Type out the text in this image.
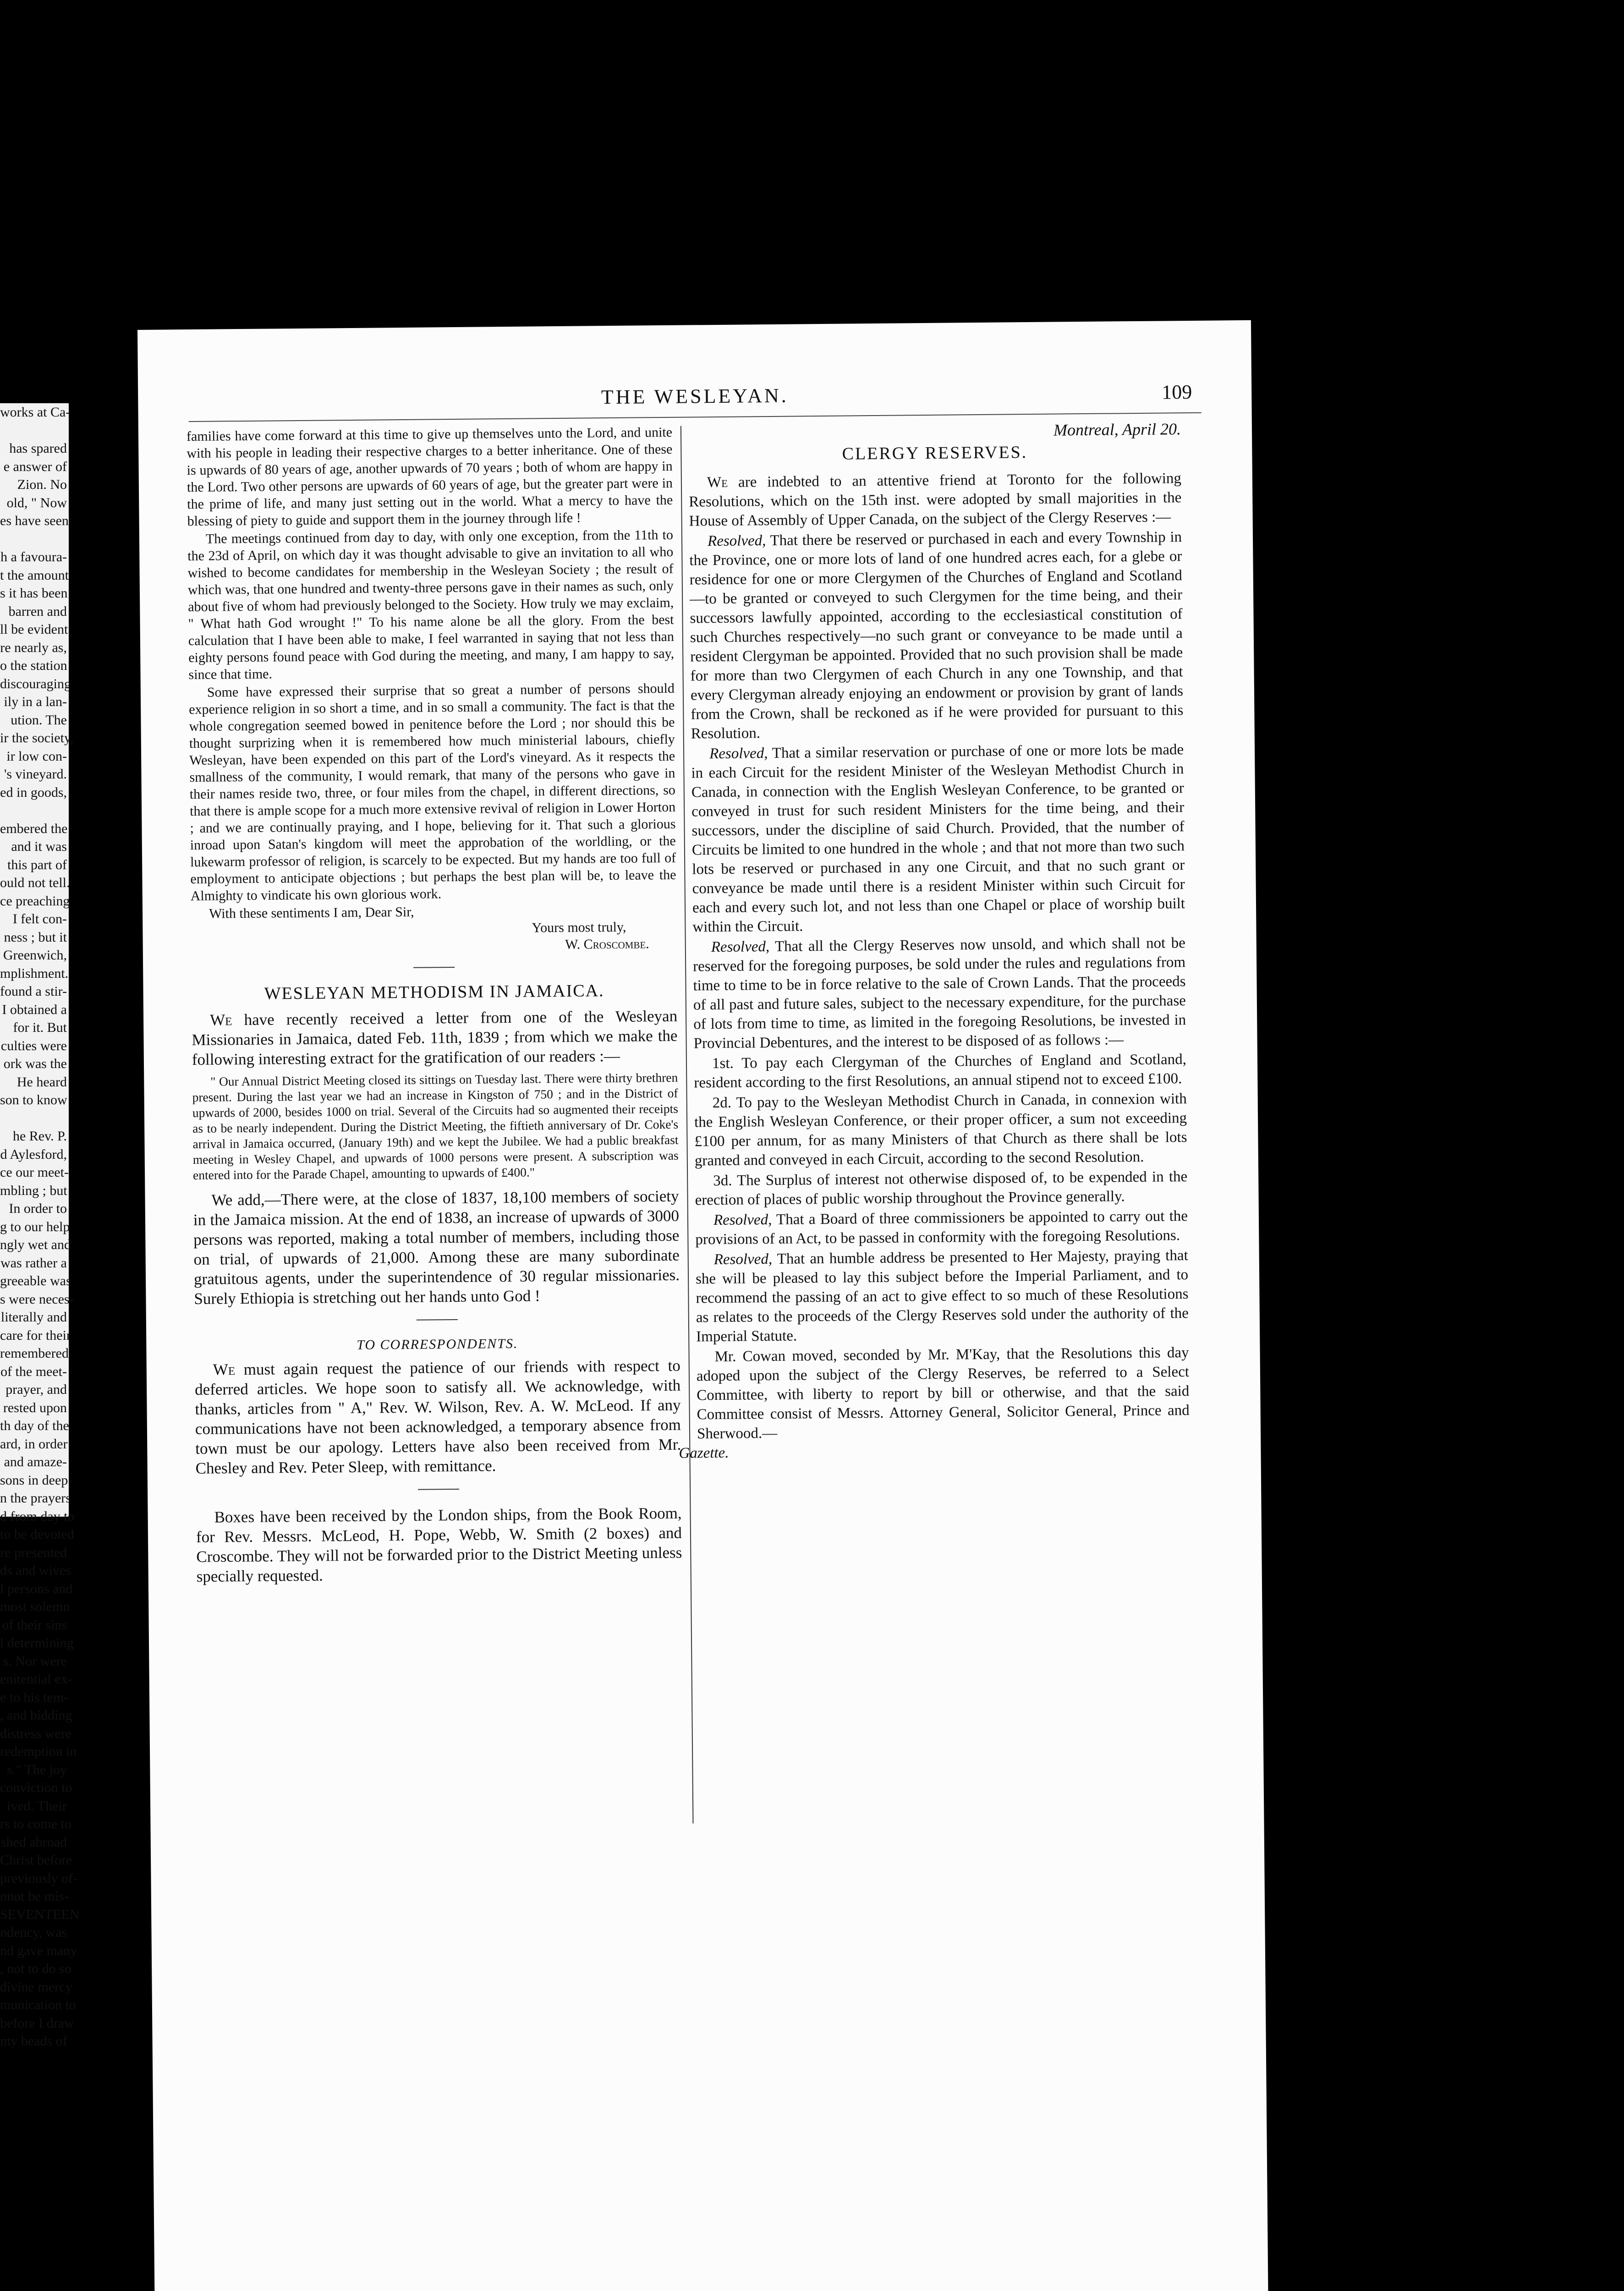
works at Ca-

has spared
e answer of
Zion. No
old, " Now
es have seen

h a favoura-
t the amount
s it has been
barren and
ll be evident
re nearly as,
o the station
discouraging
ily in a lan-
ution. The
ir the society,
ir low con-
's vineyard.
ed in goods,

embered the
and it was
this part of
ould not tell.
ce preaching
I felt con-
ness ; but it
Greenwich,
mplishment.
found a stir-
I obtained a
for it. But
culties were
ork was the
He heard
son to know

he Rev. P.
d Aylesford,
ce our meet-
mbling ; but
In order to
g to our help
ngly wet and
was rather a
greeable was
s were neces-
literally and
care for their
remembered
of the meet-
prayer, and
rested upon
th day of the
ard, in order
and amaze-
sons in deep
n the prayers
d from day to
to be devoted
re presented
ds and wives
l persons and
most solemn
of their sins
l determining
s. Nor were
enitential ex-
e to his tem-
, and bidding
distress were
redemption in
s." The joy
conviction to
ived. Their
rs to come to
shed abroad
Christ before
previously of-
nnot be mis-
SEVENTEEN
ndency, was
nd gave many
, not to do so
divine mercy
munication to
before I draw
nty beads of
THE WESLEYAN.	109

families have come forward at this time to give up themselves unto the Lord, and unite with his people in leading their respective charges to a better inheritance. One of these is upwards of 80 years of age, another upwards of 70 years ; both of whom are happy in the Lord. Two other persons are upwards of 60 years of age, but the greater part were in the prime of life, and many just setting out in the world. What a mercy to have the blessing of piety to guide and support them in the journey through life !

The meetings continued from day to day, with only one exception, from the 11th to the 23d of April, on which day it was thought advisable to give an invitation to all who wished to become candidates for membership in the Wesleyan Society ; the result of which was, that one hundred and twenty-three persons gave in their names as such, only about five of whom had previously belonged to the Society. How truly we may exclaim, " What hath God wrought !" To his name alone be all the glory. From the best calculation that I have been able to make, I feel warranted in saying that not less than eighty persons found peace with God during the meeting, and many, I am happy to say, since that time.

Some have expressed their surprise that so great a number of persons should experience religion in so short a time, and in so small a community. The fact is that the whole congregation seemed bowed in penitence before the Lord ; nor should this be thought surprizing when it is remembered how much ministerial labours, chiefly Wesleyan, have been expended on this part of the Lord's vineyard. As it respects the smallness of the community, I would remark, that many of the persons who gave in their names reside two, three, or four miles from the chapel, in different directions, so that there is ample scope for a much more extensive revival of religion in Lower Horton ; and we are continually praying, and I hope, believing for it. That such a glorious inroad upon Satan's kingdom will meet the approbation of the worldling, or the lukewarm professor of religion, is scarcely to be expected. But my hands are too full of employment to anticipate objections ; but perhaps the best plan will be, to leave the Almighty to vindicate his own glorious work.

With these sentiments I am, Dear Sir,

Yours most truly,

W. Croscombe.

WESLEYAN METHODISM IN JAMAICA.

We have recently received a letter from one of the Wesleyan Missionaries in Jamaica, dated Feb. 11th, 1839 ; from which we make the following interesting extract for the gratification of our readers :—

" Our Annual District Meeting closed its sittings on Tuesday last. There were thirty brethren present. During the last year we had an increase in Kingston of 750 ; and in the District of upwards of 2000, besides 1000 on trial. Several of the Circuits had so augmented their receipts as to be nearly independent. During the District Meeting, the fiftieth anniversary of Dr. Coke's arrival in Jamaica occurred, (January 19th) and we kept the Jubilee. We had a public breakfast meeting in Wesley Chapel, and upwards of 1000 persons were present. A subscription was entered into for the Parade Chapel, amounting to upwards of £400."

We add,—There were, at the close of 1837, 18,100 members of society in the Jamaica mission. At the end of 1838, an increase of upwards of 3000 persons was reported, making a total number of members, including those on trial, of upwards of 21,000. Among these are many subordinate gratuitous agents, under the superintendence of 30 regular missionaries. Surely Ethiopia is stretching out her hands unto God !

TO CORRESPONDENTS.

We must again request the patience of our friends with respect to deferred articles. We hope soon to satisfy all. We acknowledge, with thanks, articles from " A," Rev. W. Wilson, Rev. A. W. McLeod. If any communications have not been acknowledged, a temporary absence from town must be our apology. Letters have also been received from Mr. Chesley and Rev. Peter Sleep, with remittance.

Boxes have been received by the London ships, from the Book Room, for Rev. Messrs. McLeod, H. Pope, Webb, W. Smith (2 boxes) and Croscombe. They will not be forwarded prior to the District Meeting unless specially requested.

Montreal, April 20.

CLERGY RESERVES.

We are indebted to an attentive friend at Toronto for the following Resolutions, which on the 15th inst. were adopted by small majorities in the House of Assembly of Upper Canada, on the subject of the Clergy Reserves :—

Resolved, That there be reserved or purchased in each and every Township in the Province, one or more lots of land of one hundred acres each, for a glebe or residence for one or more Clergymen of the Churches of England and Scotland—to be granted or conveyed to such Clergymen for the time being, and their successors lawfully appointed, according to the ecclesiastical constitution of such Churches respectively—no such grant or conveyance to be made until a resident Clergyman be appointed. Provided that no such provision shall be made for more than two Clergymen of each Church in any one Township, and that every Clergyman already enjoying an endowment or provision by grant of lands from the Crown, shall be reckoned as if he were provided for pursuant to this Resolution.

Resolved, That a similar reservation or purchase of one or more lots be made in each Circuit for the resident Minister of the Wesleyan Methodist Church in Canada, in connection with the English Wesleyan Conference, to be granted or conveyed in trust for such resident Ministers for the time being, and their successors, under the discipline of said Church. Provided, that the number of Circuits be limited to one hundred in the whole ; and that not more than two such lots be reserved or purchased in any one Circuit, and that no such grant or conveyance be made until there is a resident Minister within such Circuit for each and every such lot, and not less than one Chapel or place of worship built within the Circuit.

Resolved, That all the Clergy Reserves now unsold, and which shall not be reserved for the foregoing purposes, be sold under the rules and regulations from time to time to be in force relative to the sale of Crown Lands. That the proceeds of all past and future sales, subject to the necessary expenditure, for the purchase of lots from time to time, as limited in the foregoing Resolutions, be invested in Provincial Debentures, and the interest to be disposed of as follows :—

1st. To pay each Clergyman of the Churches of England and Scotland, resident according to the first Resolutions, an annual stipend not to exceed £100.

2d. To pay to the Wesleyan Methodist Church in Canada, in connexion with the English Wesleyan Conference, or their proper officer, a sum not exceeding £100 per annum, for as many Ministers of that Church as there shall be lots granted and conveyed in each Circuit, according to the second Resolution.

3d. The Surplus of interest not otherwise disposed of, to be expended in the erection of places of public worship throughout the Province generally.

Resolved, That a Board of three commissioners be appointed to carry out the provisions of an Act, to be passed in conformity with the foregoing Resolutions.

Resolved, That an humble address be presented to Her Majesty, praying that she will be pleased to lay this subject before the Imperial Parliament, and to recommend the passing of an act to give effect to so much of these Resolutions as relates to the proceeds of the Clergy Reserves sold under the authority of the Imperial Statute.

Mr. Cowan moved, seconded by Mr. M'Kay, that the Resolutions this day adoped upon the subject of the Clergy Reserves, be referred to a Select Committee, with liberty to report by bill or otherwise, and that the said Committee consist of Messrs. Attorney General, Solicitor General, Prince and Sherwood.—
Gazette.
